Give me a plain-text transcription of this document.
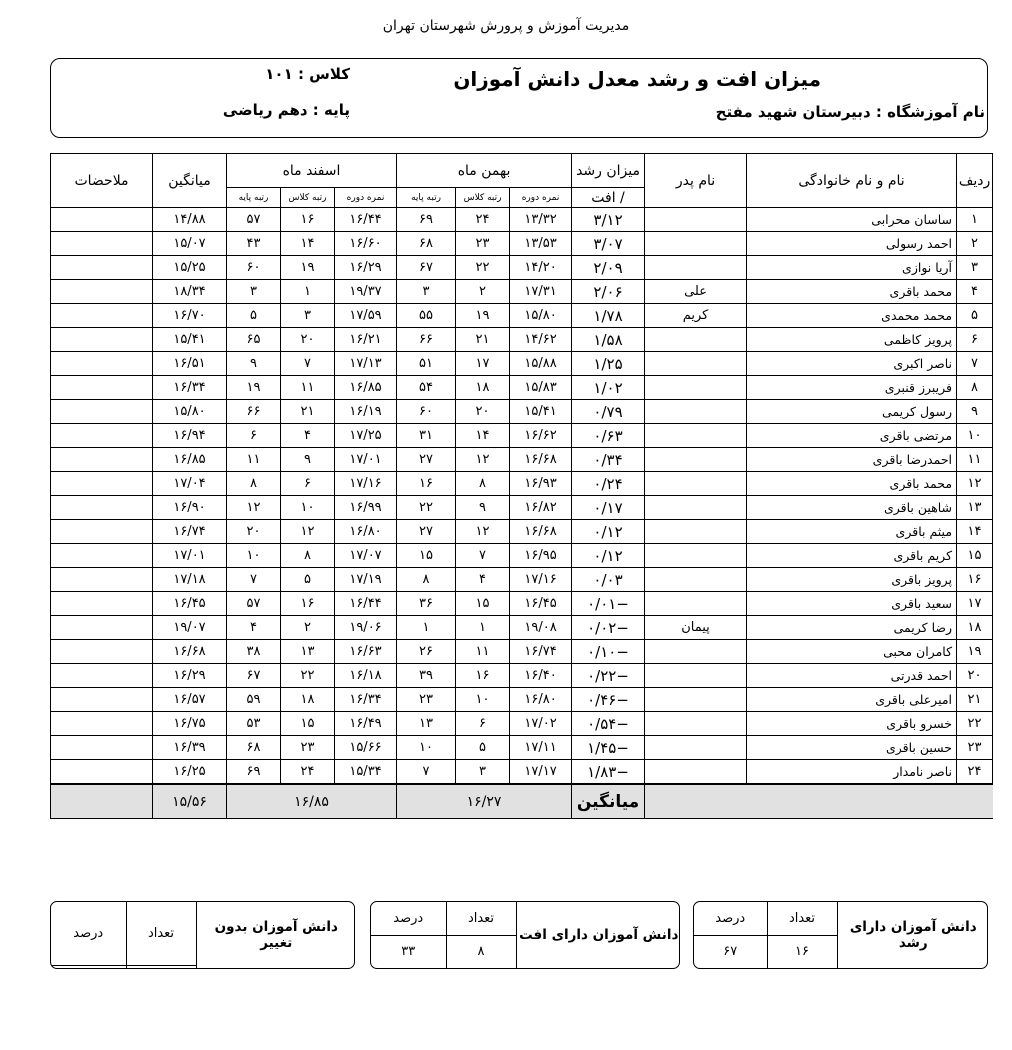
مدیریت آموزش و پرورش شهرستان تهران
میزان افت و رشد معدل دانش آموزان
نام آموزشگاه : دبیرستان شهید مفتح
کلاس : ۱۰۱
پایه : دهم ریاضی
ردیف	نام و نام خانوادگی	نام پدر	میزان رشد	بهمن ماه			اسفند ماه			میانگین	ملاحضات
			/ افت	نمره دوره	رتبه کلاس	رتبه پایه	نمره دوره	رتبه کلاس	رتبه پایه		
۱	ساسان محرابی		۳/۱۲	۱۳/۳۲	۲۴	۶۹	۱۶/۴۴	۱۶	۵۷	۱۴/۸۸	
۲	احمد رسولی		۳/۰۷	۱۳/۵۳	۲۳	۶۸	۱۶/۶۰	۱۴	۴۳	۱۵/۰۷	
۳	آریا نوازی		۲/۰۹	۱۴/۲۰	۲۲	۶۷	۱۶/۲۹	۱۹	۶۰	۱۵/۲۵	
۴	محمد باقری	علی	۲/۰۶	۱۷/۳۱	۲	۳	۱۹/۳۷	۱	۳	۱۸/۳۴	
۵	محمد محمدی	کریم	۱/۷۸	۱۵/۸۰	۱۹	۵۵	۱۷/۵۹	۳	۵	۱۶/۷۰	
۶	پرویز کاظمی		۱/۵۸	۱۴/۶۲	۲۱	۶۶	۱۶/۲۱	۲۰	۶۵	۱۵/۴۱	
۷	ناصر اکبری		۱/۲۵	۱۵/۸۸	۱۷	۵۱	۱۷/۱۳	۷	۹	۱۶/۵۱	
۸	فریبرز قنبری		۱/۰۲	۱۵/۸۳	۱۸	۵۴	۱۶/۸۵	۱۱	۱۹	۱۶/۳۴	
۹	رسول کریمی		۰/۷۹	۱۵/۴۱	۲۰	۶۰	۱۶/۱۹	۲۱	۶۶	۱۵/۸۰	
۱۰	مرتضی باقری		۰/۶۳	۱۶/۶۲	۱۴	۳۱	۱۷/۲۵	۴	۶	۱۶/۹۴	
۱۱	احمدرضا باقری		۰/۳۴	۱۶/۶۸	۱۲	۲۷	۱۷/۰۱	۹	۱۱	۱۶/۸۵	
۱۲	محمد باقری		۰/۲۴	۱۶/۹۳	۸	۱۶	۱۷/۱۶	۶	۸	۱۷/۰۴	
۱۳	شاهین باقری		۰/۱۷	۱۶/۸۲	۹	۲۲	۱۶/۹۹	۱۰	۱۲	۱۶/۹۰	
۱۴	میثم باقری		۰/۱۲	۱۶/۶۸	۱۲	۲۷	۱۶/۸۰	۱۲	۲۰	۱۶/۷۴	
۱۵	کریم باقری		۰/۱۲	۱۶/۹۵	۷	۱۵	۱۷/۰۷	۸	۱۰	۱۷/۰۱	
۱۶	پرویز باقری		۰/۰۳	۱۷/۱۶	۴	۸	۱۷/۱۹	۵	۷	۱۷/۱۸	
۱۷	سعید باقری		−۰/۰۱	۱۶/۴۵	۱۵	۳۶	۱۶/۴۴	۱۶	۵۷	۱۶/۴۵	
۱۸	رضا کریمی	پیمان	−۰/۰۲	۱۹/۰۸	۱	۱	۱۹/۰۶	۲	۴	۱۹/۰۷	
۱۹	کامران محبی		−۰/۱۰	۱۶/۷۴	۱۱	۲۶	۱۶/۶۳	۱۳	۳۸	۱۶/۶۸	
۲۰	احمد قدرتی		−۰/۲۲	۱۶/۴۰	۱۶	۳۹	۱۶/۱۸	۲۲	۶۷	۱۶/۲۹	
۲۱	امیرعلی باقری		−۰/۴۶	۱۶/۸۰	۱۰	۲۳	۱۶/۳۴	۱۸	۵۹	۱۶/۵۷	
۲۲	خسرو باقری		−۰/۵۴	۱۷/۰۲	۶	۱۳	۱۶/۴۹	۱۵	۵۳	۱۶/۷۵	
۲۳	حسین باقری		−۱/۴۵	۱۷/۱۱	۵	۱۰	۱۵/۶۶	۲۳	۶۸	۱۶/۳۹	
۲۴	ناصر نامدار		−۱/۸۳	۱۷/۱۷	۳	۷	۱۵/۳۴	۲۴	۶۹	۱۶/۲۵	
			میانگین	۱۶/۲۷			۱۶/۸۵			۱۵/۵۶	
دانش آموزان دارای رشد	تعداد	درصد
	۱۶	۶۷
دانش آموزان دارای افت	تعداد	درصد
	۸	۳۳
دانش آموزان بدون تغییر	تعداد	درصد
